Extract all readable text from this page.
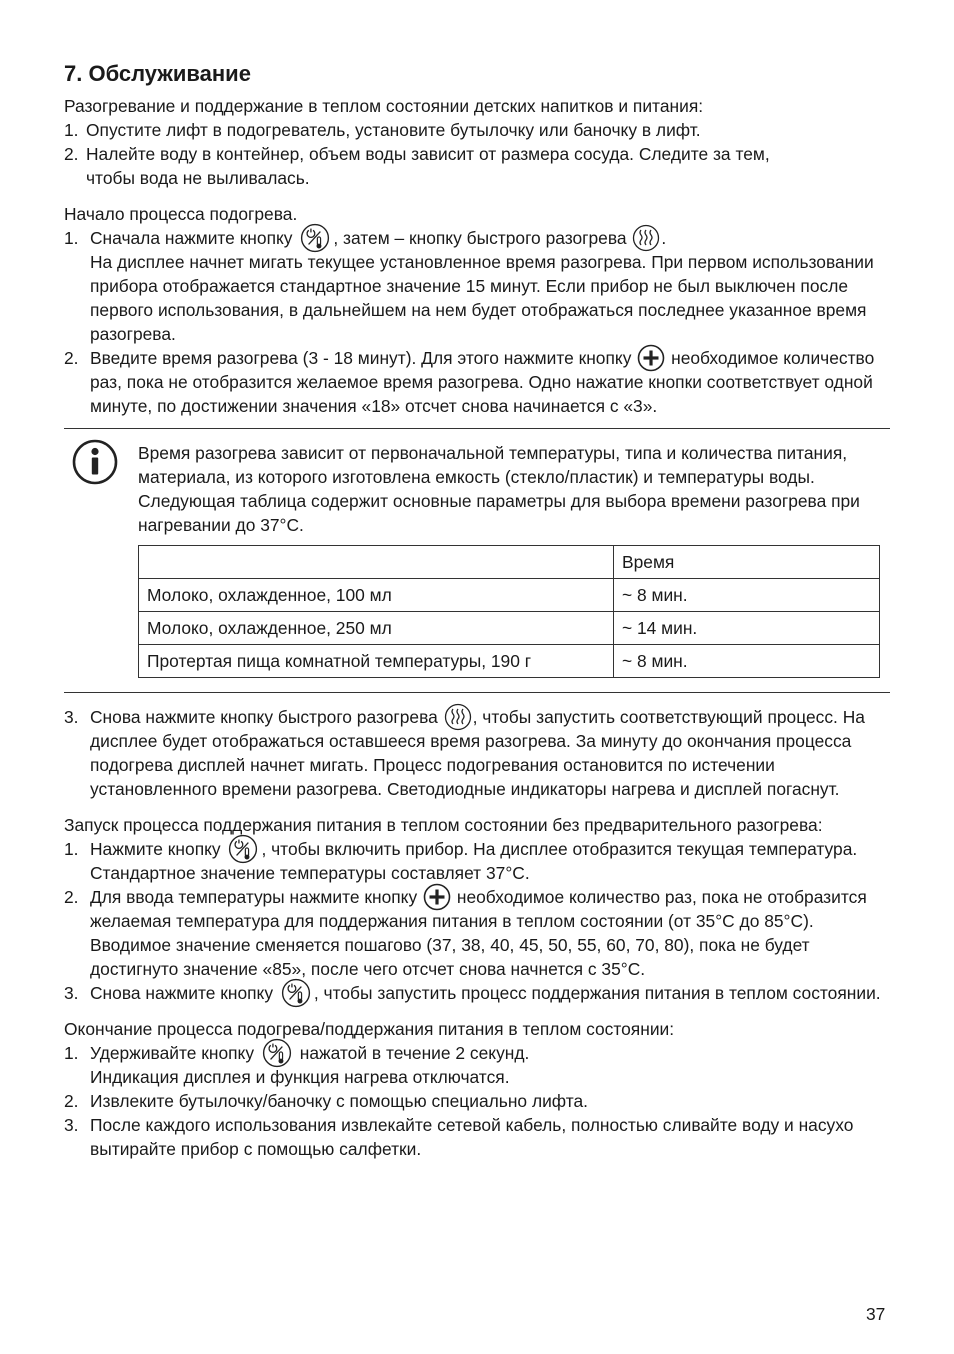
7. Обслуживание

Разогревание и поддержание в теплом состоянии детских напитков и питания:

1. Опустите лифт в подогреватель, установите бутылочку или баночку в лифт.
2. Налейте воду в контейнер, объем воды зависит от размера сосуда. Следите за тем,
чтобы вода не выливалась.

Начало процесса подогрева.

1. Сначала нажмите кнопку , затем – кнопку быстрого разогрева .
На дисплее начнет мигать текущее установленное время разогрева. При первом использовании прибора отображается стандартное значение 15 минут. Если прибор не был выключен после первого использования, в дальнейшем на нем будет отображаться последнее указанное время разогрева.
2. Введите время разогрева (3 - 18 минут). Для этого нажмите кнопку необходимое количество раз, пока не отобразится желаемое время разогрева. Одно нажатие кнопки соответствует одной минуте, по достижении значения «18» отсчет снова начинается с «3».

Время разогрева зависит от первоначальной температуры, типа и количества питания, материала, из которого изготовлена емкость (стекло/пластик) и температуры воды. Следующая таблица содержит основные параметры для выбора времени разогрева при нагревании до 37°C.

	Время
Молоко, охлажденное, 100 мл	~ 8 мин.
Молоко, охлажденное, 250 мл	~ 14 мин.
Протертая пища комнатной температуры, 190 г	~ 8 мин.
3. Снова нажмите кнопку быстрого разогрева , чтобы запустить соответствующий процесс. На дисплее будет отображаться оставшееся время разогрева. За минуту до окончания процесса подогрева дисплей начнет мигать. Процесс подогревания остановится по истечении установленного времени разогрева. Светодиодные индикаторы нагрева и дисплей погаснут.

Запуск процесса поддержания питания в теплом состоянии без предварительного разогрева:

1. Нажмите кнопку , чтобы включить прибор. На дисплее отобразится текущая температура. Стандартное значение температуры составляет 37°C.
2. Для ввода температуры нажмите кнопку необходимое количество раз, пока не отобразится желаемая температура для поддержания питания в теплом состоянии (от 35°C до 85°C). Вводимое значение сменяется пошагово (37, 38, 40, 45, 50, 55, 60, 70, 80), пока не будет достигнуто значение «85», после чего отсчет снова начнется с 35°C.
3. Снова нажмите кнопку , чтобы запустить процесс поддержания питания в теплом состоянии.

Окончание процесса подогрева/поддержания питания в теплом состоянии:

1. Удерживайте кнопку	нажатой в течение 2 секунд.
Индикация дисплея и функция нагрева отключатся.
2. Извлеките бутылочку/баночку с помощью специально лифта.
3. После каждого использования извлекайте сетевой кабель, полностью сливайте воду и насухо вытирайте прибор с помощью салфетки.
37
